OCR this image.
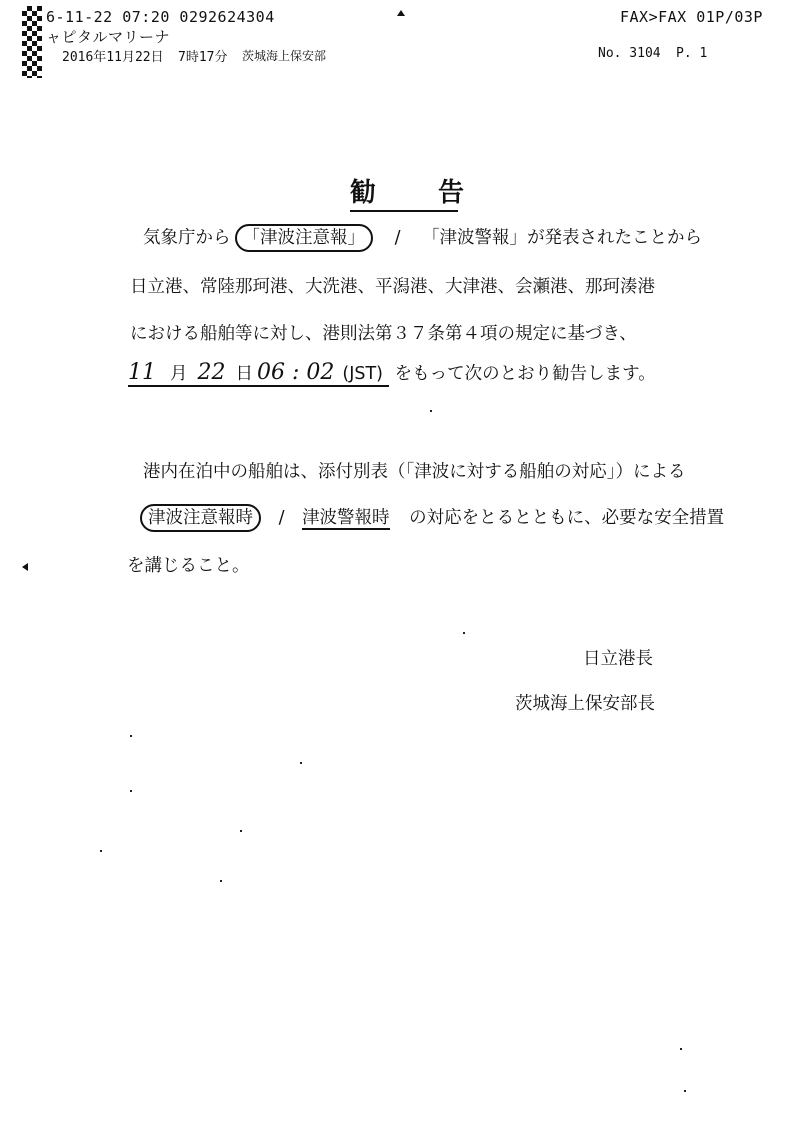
6-11-22 07:20 0292624304	FAX>FAX 01P/03P
ャピタルマリーナ
2016年11月22日 7時17分 茨城海上保安部	No. 3104 P. 1
勧告
気象庁から 「津波注意報」 / 「津波警報」が発表されたことから
日立港、常陸那珂港、大洗港、平潟港、大津港、会瀬港、那珂湊港
における船舶等に対し、港則法第３７条第４項の規定に基づき、
11 月 22 日 06 : 02 (JST) をもって次のとおり勧告します。
港内在泊中の船舶は、添付別表（「津波に対する船舶の対応」）による
津波注意報時 / 津波警報時 の対応をとるとともに、必要な安全措置
を講じること。
日立港長
茨城海上保安部長
